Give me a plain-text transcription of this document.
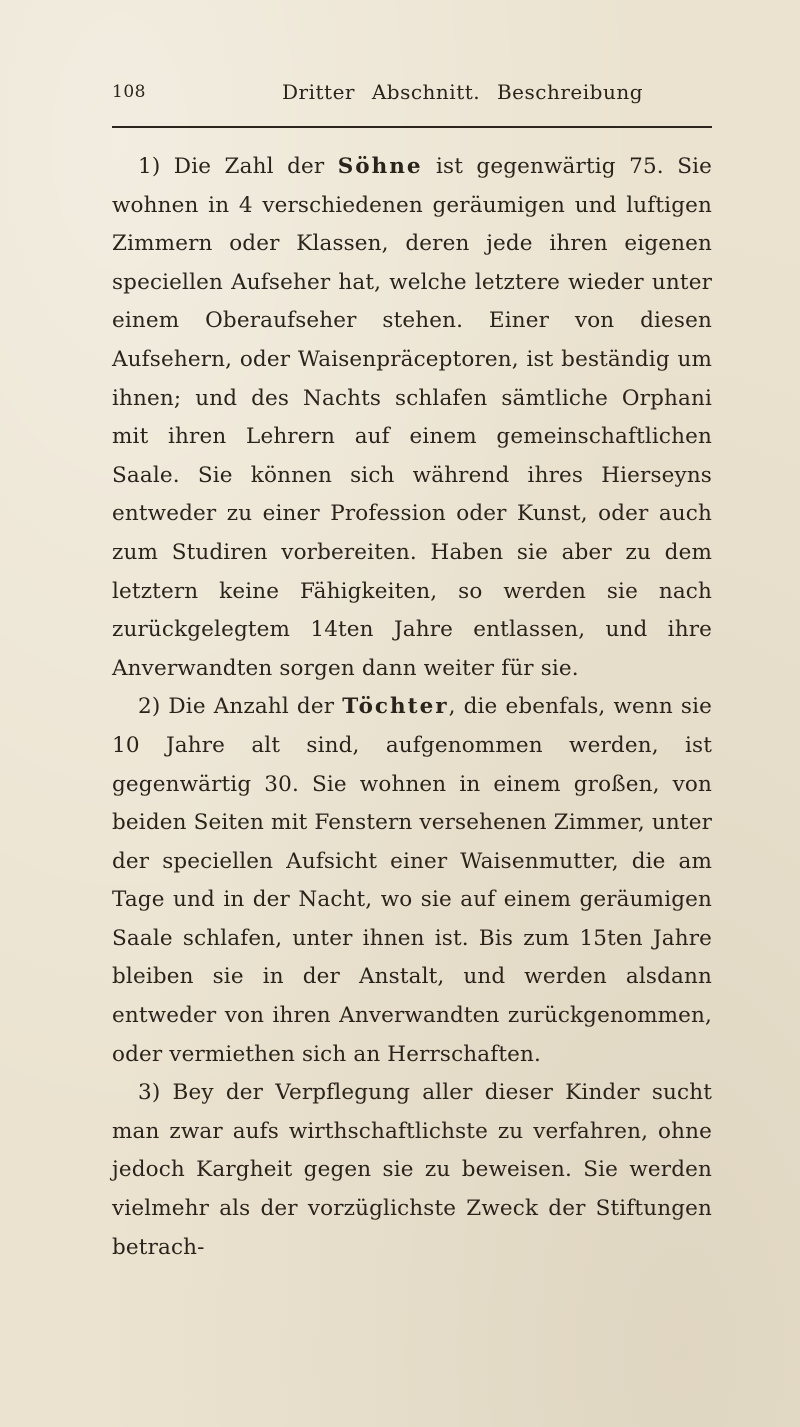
108	Dritter Abschnitt. Beschreibung

1) Die Zahl der Söhne ist gegenwärtig 75. Sie wohnen in 4 verschiedenen geräumigen und luftigen Zimmern oder Klassen, deren jede ihren eigenen speciellen Aufseher hat, welche letztere wieder unter einem Oberaufseher stehen. Einer von diesen Aufsehern, oder Waisenpräceptoren, ist beständig um ihnen; und des Nachts schlafen sämtliche Orphani mit ihren Lehrern auf einem gemeinschaftlichen Saale. Sie können sich während ihres Hierseyns entweder zu einer Profession oder Kunst, oder auch zum Studiren vorbereiten. Haben sie aber zu dem letztern keine Fähigkeiten, so werden sie nach zurückgelegtem 14ten Jahre entlassen, und ihre Anverwandten sorgen dann weiter für sie.

2) Die Anzahl der Töchter, die ebenfals, wenn sie 10 Jahre alt sind, aufgenommen werden, ist gegenwärtig 30. Sie wohnen in einem großen, von beiden Seiten mit Fenstern versehenen Zimmer, unter der speciellen Aufsicht einer Waisenmutter, die am Tage und in der Nacht, wo sie auf einem geräumigen Saale schlafen, unter ihnen ist. Bis zum 15ten Jahre bleiben sie in der Anstalt, und werden alsdann entweder von ihren Anverwandten zurückgenommen, oder vermiethen sich an Herrschaften.

3) Bey der Verpflegung aller dieser Kinder sucht man zwar aufs wirthschaftlichste zu verfahren, ohne jedoch Kargheit gegen sie zu beweisen. Sie werden vielmehr als der vorzüglichste Zweck der Stiftungen betrach-
